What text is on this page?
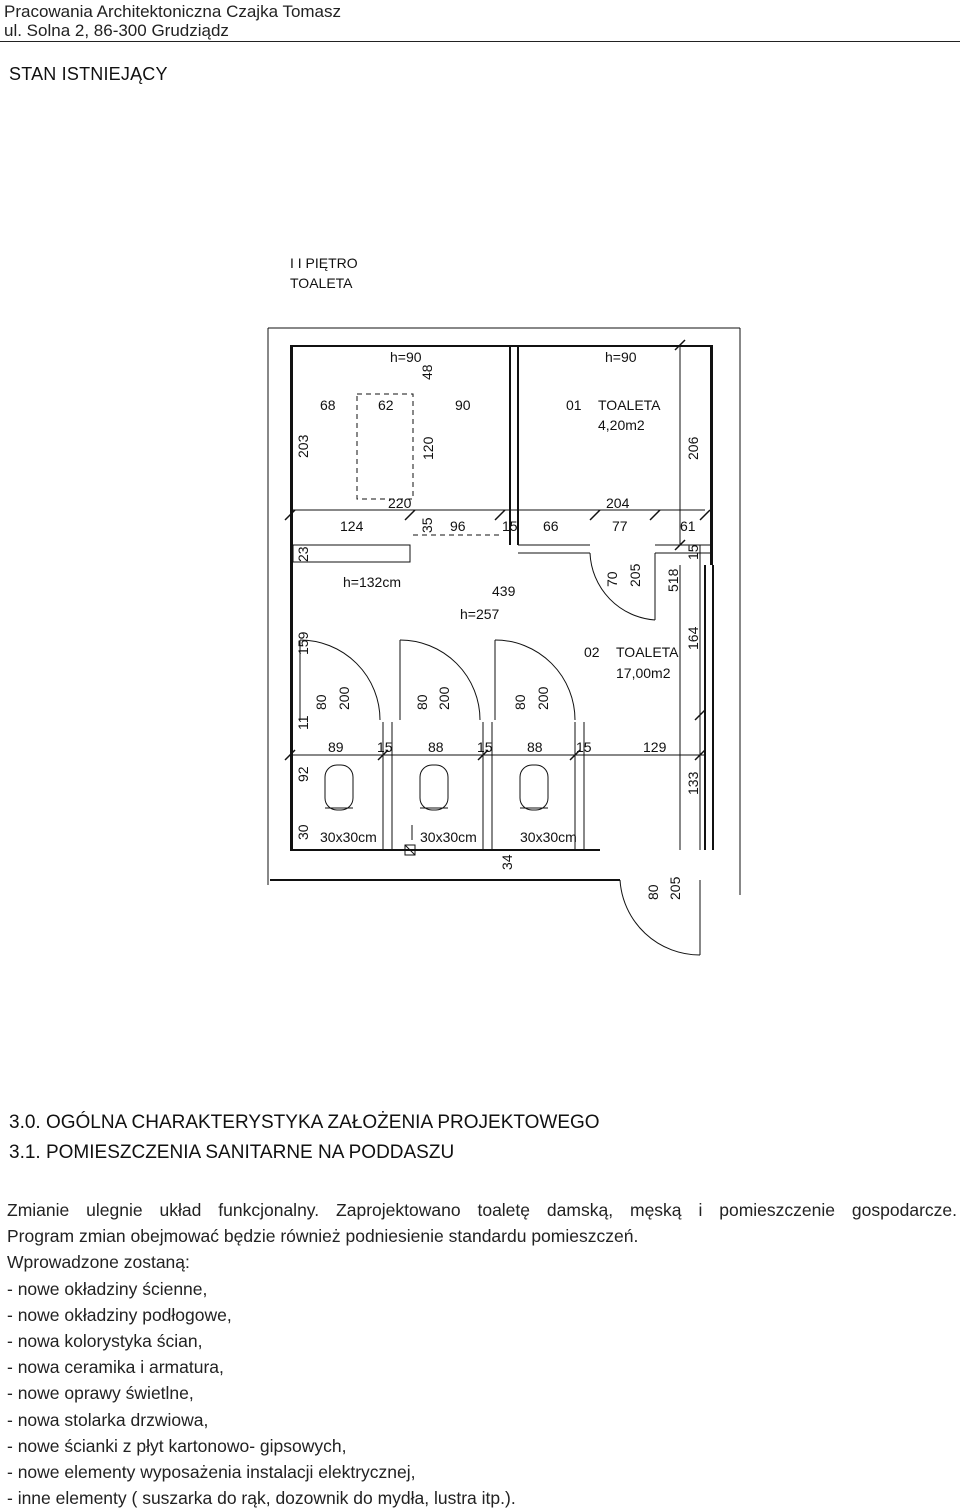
Pracowania Architektoniczna Czajka Tomasz
ul. Solna 2, 86-300 Grudziądz
STAN ISTNIEJĄCY
I I PIĘTRO
TOALETA
h=90	h=90
48
68	62	90	01 TOALETA
4,20m2
203	120	206
220	204
124	35 96	15 66	77	61
23	15
h=132cm
439
h=257
70 205 518
159	164
02 TOALETA
17,00m2
80 200	80 200	80 200
11
89 15	88 15 88 15	129
92	133
30 30x30cm	30x30cm	30x30cm
34
80 205
3.0. OGÓLNA CHARAKTERYSTYKA ZAŁOŻENIA PROJEKTOWEGO
3.1. POMIESZCZENIA SANITARNE NA PODDASZU

Zmianie ulegnie układ funkcjonalny. Zaprojektowano toaletę damską, męską i pomieszczenie gospodarcze.

Program zmian obejmować będzie również podniesienie standardu pomieszczeń.

Wprowadzone zostaną:

- nowe okładziny ścienne,
- nowe okładziny podłogowe,
- nowa kolorystyka ścian,
- nowa ceramika i armatura,
- nowe oprawy świetlne,
- nowa stolarka drzwiowa,
- nowe ścianki z płyt kartonowo- gipsowych,
- nowe elementy wyposażenia instalacji elektrycznej,
- inne elementy ( suszarka do rąk, dozownik do mydła, lustra itp.).
